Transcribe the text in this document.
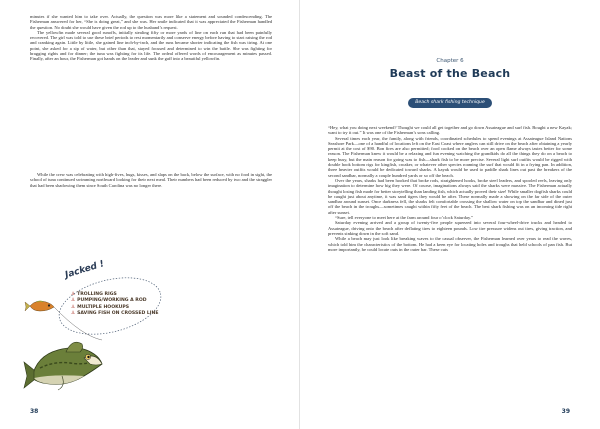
minutes if she wanted him to take over. Actually, the question was more like a statement and sounded condescending. The Fisherman answered for her, “She is doing great,” and she was. Her smile indicated that it was appreciated the Fisherman handled the question. No doubt she would have given the rod up to the husband’s request.

The yellowfin made several good runoffs, initially stealing fifty or more yards of line on each run that had been painfully recovered. The girl was told to use these brief periods to rest momentarily and conserve energy before having to start raising the rod and cranking again. Little by little, she gained line inch-by-inch, and the runs became shorter indicating the fish was tiring. At one point, she asked for a sip of water, but other than that, stayed focused and determined to win the battle. She was fighting for bragging rights and for dinner; the tuna was fighting for its life. The ordeal offered words of encouragement as minutes passed. Finally, after an hour, the Fisherman got hands on the leader and sunk the gaff into a beautiful yellowfin.

While the crew was celebrating with high-fives, hugs, kisses, and slaps on the back, below the surface, with no food in sight, the school of tuna continued swimming northward looking for their next meal. Their numbers had been reduced by two and the straggler that had been shadowing them since South Carolina was no longer there.

Jacked !
⚓ TROLLING RIGS
⚓ PUMPING/WORKING A ROD
⚓ MULTIPLE HOOKUPS
⚓ SAVING FISH ON CROSSED LINE
38
Chapter 6
Beast of the Beach
Beach shark fishing technique

“Hey, what you doing next weekend? Thought we could all get together and go down Assateague and surf fish. Bought a new Kayak; want to try it out.” It was one of the Fisherman’s sons calling.

Several times each year, the family, along with friends, coordinated schedules to spend evenings at Assateague Island Nations Seashore Park—one of a handful of locations left on the East Coast where anglers can still drive on the beach after obtaining a yearly permit at the cost of $90. Bon fires are also permitted; food cooked on the beach over an open flame always tastes better for some reason. The Fisherman knew it would be a relaxing and fun evening watching the grandkids do all the things they do on a beach to keep busy, but the main reason for going was to fish—shark fish to be more precise. Several light surf outfits would be rigged with double hook bottom rigs for kingfish, croaker, or whatever other species roaming the surf that would fit in a frying pan. In addition, three heavier outfits would be dedicated toward sharks. A kayak would be used to paddle shark lines out past the breakers of the second sandbar, normally a couple hundred yards or so off the beach.

Over the years, sharks had been hooked that broke rods, straightened hooks, broke steel leaders, and spooled reels, leaving only imagination to determine how big they were. Of course, imaginations always said the sharks were massive. The Fisherman actually thought losing fish made for better storytelling than landing fish, which actually proved their size! While smaller dogfish sharks could be caught just about anytime, it was sand tigers they would be after. These normally made a showing on the far side of the outer sandbar around sunset. Once darkness fell, the sharks felt comfortable crossing the shallow water on top the sandbar and dined just off the beach in the troughs—sometimes caught within fifty feet of the beach. The best shark fishing was on an incoming tide right after sunset.

“Sure, tell everyone to meet here at the farm around four o’clock Saturday.”

Saturday evening arrived and a group of twenty-five people squeezed into several four-wheel-drive trucks and headed to Assateague, driving onto the beach after deflating tires to eighteen pounds. Low tire pressure widens out tires, giving traction, and prevents sinking down in the soft sand.

While a beach may just look like breaking waves to the casual observer, the Fisherman learned over years to read the waves, which told him the characteristics of the bottom. He had a keen eye for locating holes and troughs that held schools of pan fish. But more importantly, he could locate outs in the outer bar. These cuts

39
